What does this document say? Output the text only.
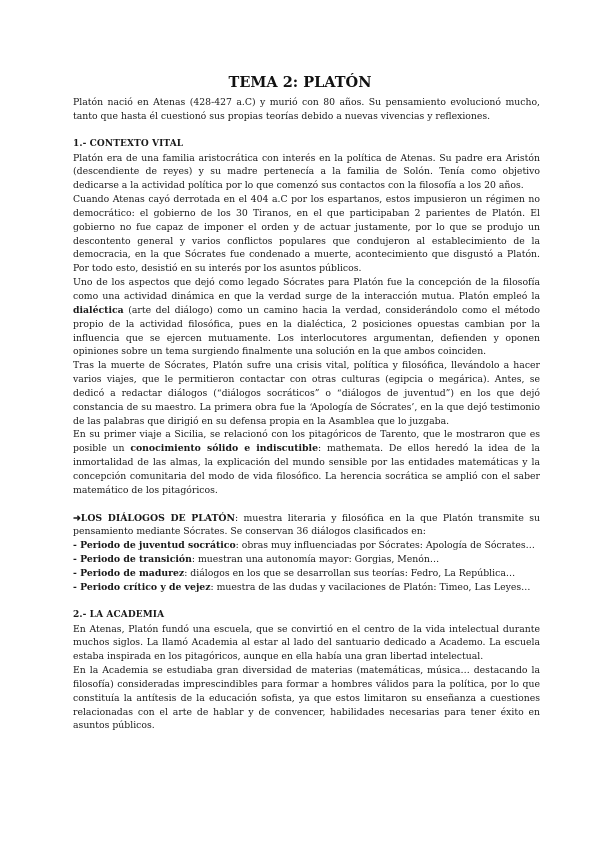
TEMA 2: PLATÓN

Platón nació en Atenas (428-427 a.C) y murió con 80 años. Su pensamiento evolucionó mucho, tanto que hasta él cuestionó sus propias teorías debido a nuevas vivencias y reflexiones.

1.- CONTEXTO VITAL

Platón era de una familia aristocrática con interés en la política de Atenas. Su padre era Aristón (descendiente de reyes) y su madre pertenecía a la familia de Solón. Tenía como objetivo dedicarse a la actividad política por lo que comenzó sus contactos con la filosofía a los 20 años.

Cuando Atenas cayó derrotada en el 404 a.C por los espartanos, estos impusieron un régimen no democrático: el gobierno de los 30 Tiranos, en el que participaban 2 parientes de Platón. El gobierno no fue capaz de imponer el orden y de actuar justamente, por lo que se produjo un descontento general y varios conflictos populares que condujeron al establecimiento de la democracia, en la que Sócrates fue condenado a muerte, acontecimiento que disgustó a Platón. Por todo esto, desistió en su interés por los asuntos públicos.

Uno de los aspectos que dejó como legado Sócrates para Platón fue la concepción de la filosofía como una actividad dinámica en que la verdad surge de la interacción mutua. Platón empleó la dialéctica (arte del diálogo) como un camino hacia la verdad, considerándolo como el método propio de la actividad filosófica, pues en la dialéctica, 2 posiciones opuestas cambian por la influencia que se ejercen mutuamente. Los interlocutores argumentan, defienden y oponen opiniones sobre un tema surgiendo finalmente una solución en la que ambos coinciden.

Tras la muerte de Sócrates, Platón sufre una crisis vital, política y filosófica, llevándolo a hacer varios viajes, que le permitieron contactar con otras culturas (egipcia o megárica). Antes, se dedicó a redactar diálogos (“diálogos socráticos” o “diálogos de juventud”) en los que dejó constancia de su maestro. La primera obra fue la ‘Apología de Sócrates’, en la que dejó testimonio de las palabras que dirigió en su defensa propia en la Asamblea que lo juzgaba.

En su primer viaje a Sicilia, se relacionó con los pitagóricos de Tarento, que le mostraron que es posible un conocimiento sólido e indiscutible: mathemata. De ellos heredó la idea de la inmortalidad de las almas, la explicación del mundo sensible por las entidades matemáticas y la concepción comunitaria del modo de vida filosófico. La herencia socrática se amplió con el saber matemático de los pitagóricos.

➜LOS DIÁLOGOS DE PLATÓN: muestra literaria y filosófica en la que Platón transmite su pensamiento mediante Sócrates. Se conservan 36 diálogos clasificados en:

- Periodo de juventud socrático: obras muy influenciadas por Sócrates: Apología de Sócrates…

- Periodo de transición: muestran una autonomía mayor: Gorgias, Menón…

- Periodo de madurez: diálogos en los que se desarrollan sus teorías: Fedro, La República…

- Periodo crítico y de vejez: muestra de las dudas y vacilaciones de Platón: Timeo, Las Leyes…

2.- LA ACADEMIA

En Atenas, Platón fundó una escuela, que se convirtió en el centro de la vida intelectual durante muchos siglos. La llamó Academia al estar al lado del santuario dedicado a Academo. La escuela estaba inspirada en los pitagóricos, aunque en ella había una gran libertad intelectual.

En la Academia se estudiaba gran diversidad de materias (matemáticas, música… destacando la filosofía) consideradas imprescindibles para formar a hombres válidos para la política, por lo que constituía la antítesis de la educación sofista, ya que estos limitaron su enseñanza a cuestiones relacionadas con el arte de hablar y de convencer, habilidades necesarias para tener éxito en asuntos públicos.
